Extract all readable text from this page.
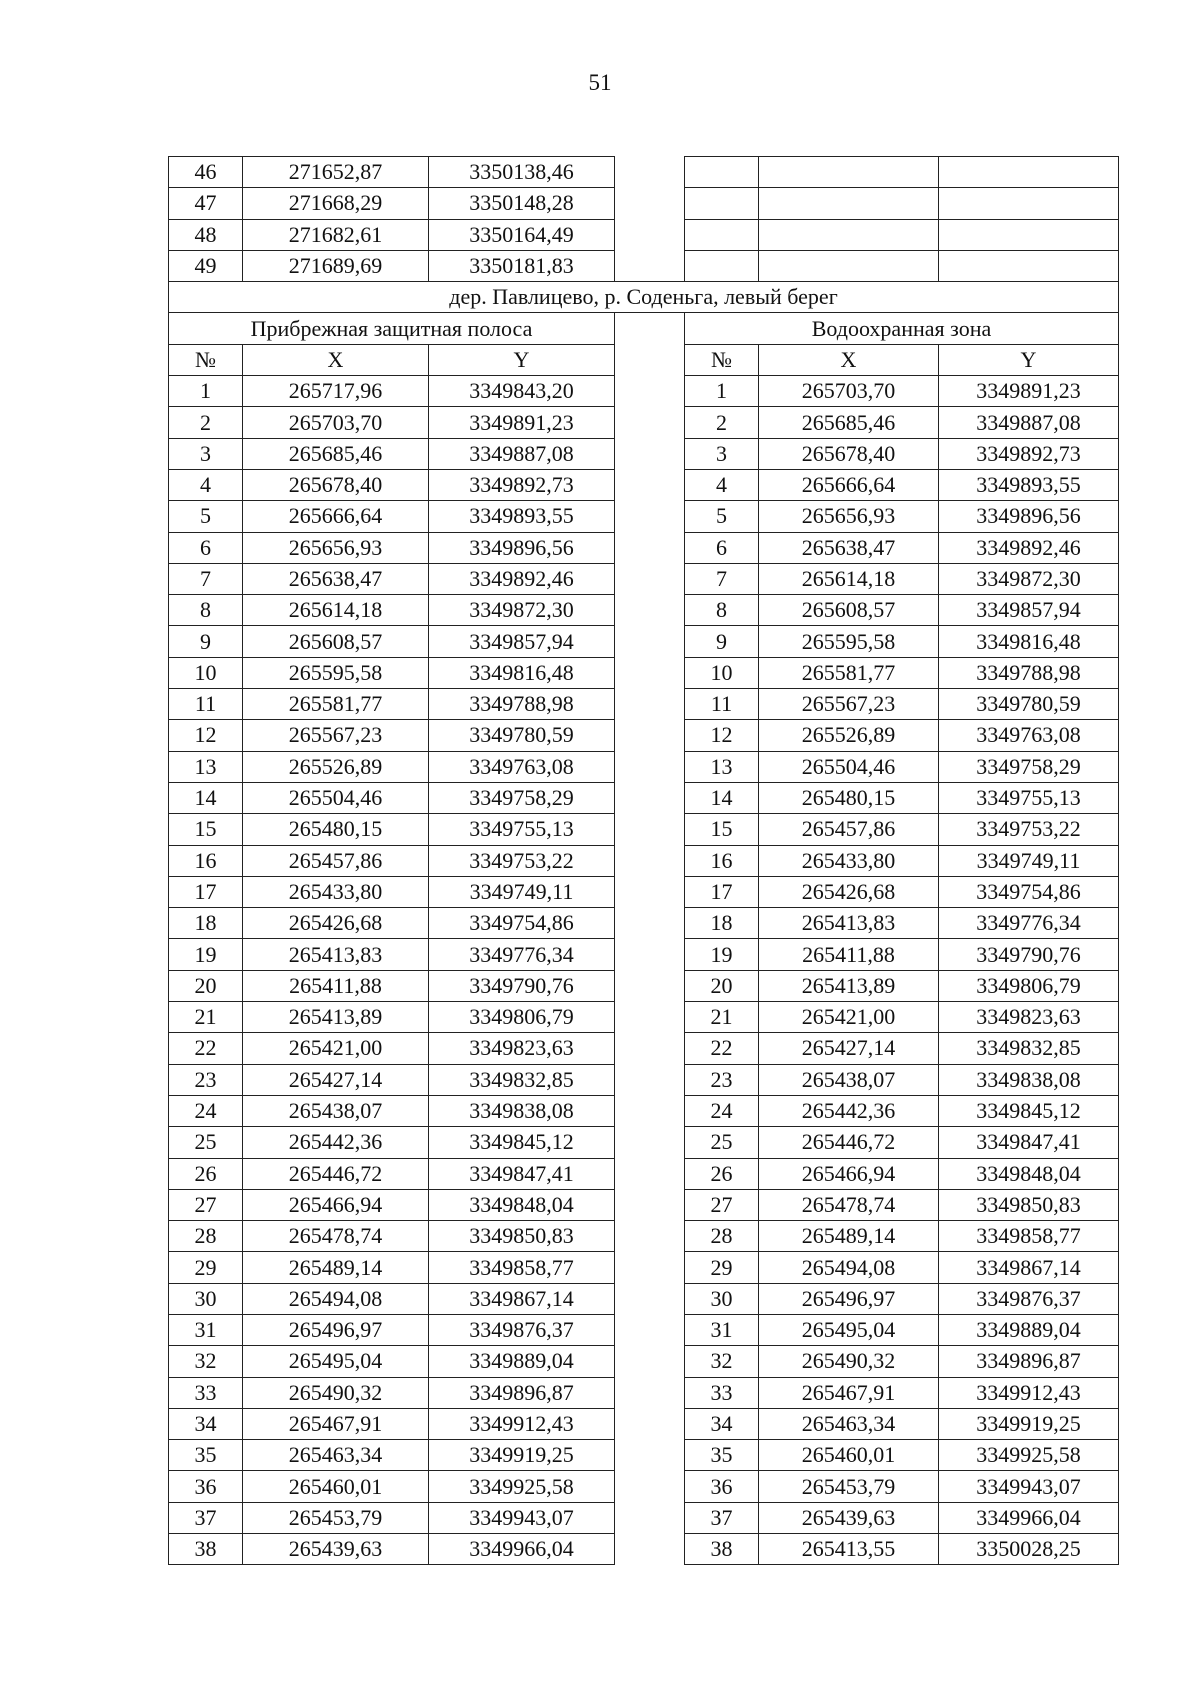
51
46	271652,87	3350138,46				
47	271668,29	3350148,28				
48	271682,61	3350164,49				
49	271689,69	3350181,83				
дер. Павлицево, р. Соденьга, левый берег						
Прибрежная защитная полоса				Водоохранная зона		
№	X	Y		№	X	Y
1	265717,96	3349843,20		1	265703,70	3349891,23
2	265703,70	3349891,23		2	265685,46	3349887,08
3	265685,46	3349887,08		3	265678,40	3349892,73
4	265678,40	3349892,73		4	265666,64	3349893,55
5	265666,64	3349893,55		5	265656,93	3349896,56
6	265656,93	3349896,56		6	265638,47	3349892,46
7	265638,47	3349892,46		7	265614,18	3349872,30
8	265614,18	3349872,30		8	265608,57	3349857,94
9	265608,57	3349857,94		9	265595,58	3349816,48
10	265595,58	3349816,48		10	265581,77	3349788,98
11	265581,77	3349788,98		11	265567,23	3349780,59
12	265567,23	3349780,59		12	265526,89	3349763,08
13	265526,89	3349763,08		13	265504,46	3349758,29
14	265504,46	3349758,29		14	265480,15	3349755,13
15	265480,15	3349755,13		15	265457,86	3349753,22
16	265457,86	3349753,22		16	265433,80	3349749,11
17	265433,80	3349749,11		17	265426,68	3349754,86
18	265426,68	3349754,86		18	265413,83	3349776,34
19	265413,83	3349776,34		19	265411,88	3349790,76
20	265411,88	3349790,76		20	265413,89	3349806,79
21	265413,89	3349806,79		21	265421,00	3349823,63
22	265421,00	3349823,63		22	265427,14	3349832,85
23	265427,14	3349832,85		23	265438,07	3349838,08
24	265438,07	3349838,08		24	265442,36	3349845,12
25	265442,36	3349845,12		25	265446,72	3349847,41
26	265446,72	3349847,41		26	265466,94	3349848,04
27	265466,94	3349848,04		27	265478,74	3349850,83
28	265478,74	3349850,83		28	265489,14	3349858,77
29	265489,14	3349858,77		29	265494,08	3349867,14
30	265494,08	3349867,14		30	265496,97	3349876,37
31	265496,97	3349876,37		31	265495,04	3349889,04
32	265495,04	3349889,04		32	265490,32	3349896,87
33	265490,32	3349896,87		33	265467,91	3349912,43
34	265467,91	3349912,43		34	265463,34	3349919,25
35	265463,34	3349919,25		35	265460,01	3349925,58
36	265460,01	3349925,58		36	265453,79	3349943,07
37	265453,79	3349943,07		37	265439,63	3349966,04
38	265439,63	3349966,04		38	265413,55	3350028,25
